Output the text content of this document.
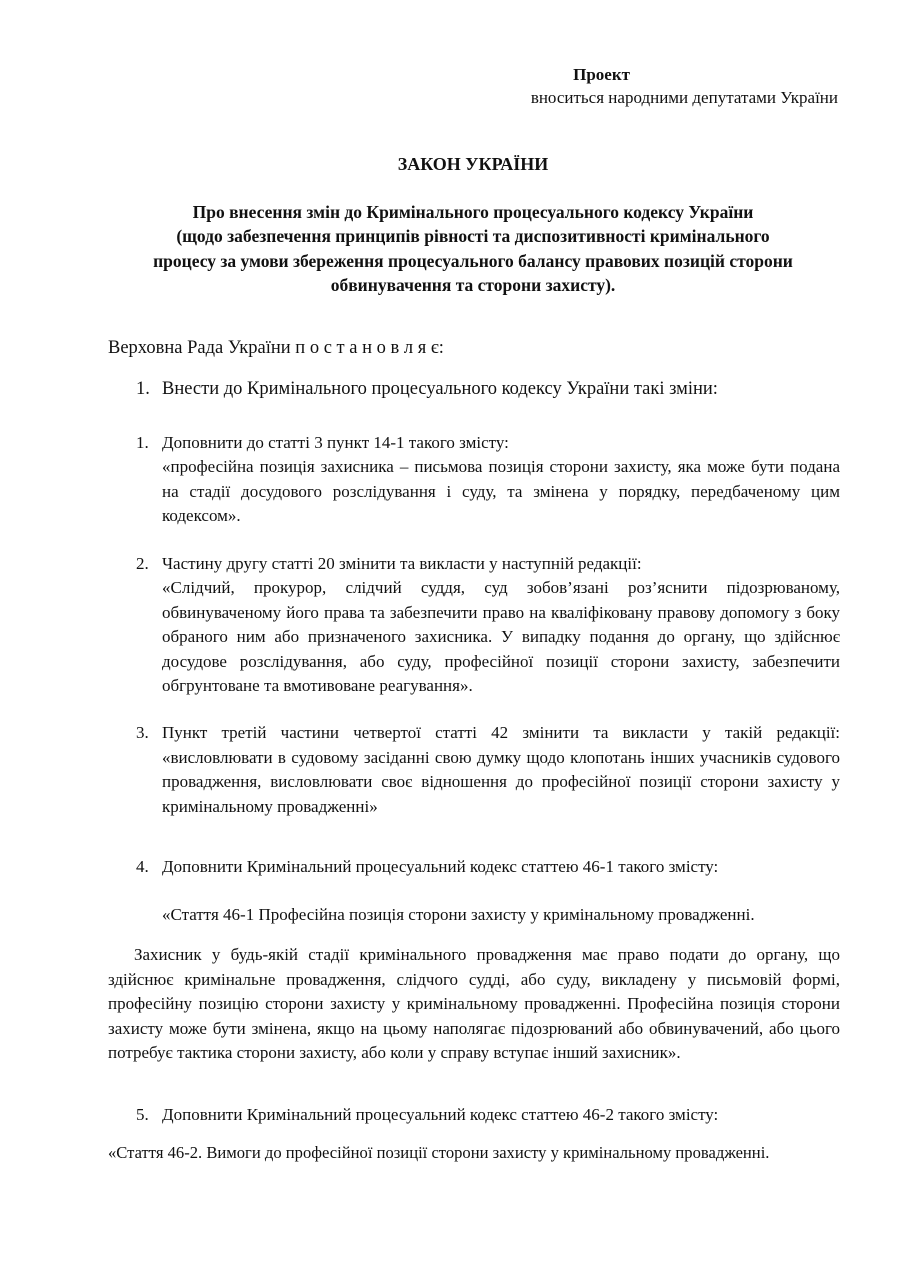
Проект
вноситься народними депутатами України
ЗАКОН УКРАЇНИ
Про внесення змін до Кримінального процесуального кодексу України
(щодо забезпечення принципів рівності та диспозитивності кримінального
процесу за умови збереження процесуального балансу правових позицій сторони
обвинувачення та сторони захисту).
Верховна Рада України п о с т а н о в л я є:
1. Внести до Кримінального процесуального кодексу України такі зміни:
1. Доповнити до статті 3 пункт 14-1 такого змісту:
«професійна позиція захисника – письмова позиція сторони захисту, яка може бути подана на стадії досудового розслідування і суду, та змінена у порядку, передбаченому цим кодексом».
2. Частину другу статті 20 змінити та викласти у наступній редакції:
«Слідчий, прокурор, слідчий суддя, суд зобов’язані роз’яснити підозрюваному, обвинуваченому його права та забезпечити право на кваліфіковану правову допомогу з боку обраного ним або призначеного захисника. У випадку подання до органу, що здійснює досудове розслідування, або суду, професійної позиції сторони захисту, забезпечити обгрунтоване та вмотивоване реагування».
3. Пункт третій частини четвертої статті 42 змінити та викласти у такій редакції: «висловлювати в судовому засіданні свою думку щодо клопотань інших учасників судового провадження, висловлювати своє відношення до професійної позиції сторони захисту у кримінальному провадженні»
4. Доповнити Кримінальний процесуальний кодекс статтею 46-1 такого змісту:
«Стаття 46-1 Професійна позиція сторони захисту у кримінальному провадженні.
Захисник у будь-якій стадії кримінального провадження має право подати до органу, що здійснює кримінальне провадження, слідчого судді, або суду, викладену у письмовій формі, професійну позицію сторони захисту у кримінальному провадженні. Професійна позиція сторони захисту може бути змінена, якщо на цьому наполягає підозрюваний або обвинувачений, або цього потребує тактика сторони захисту, або коли у справу вступає інший захисник».
5. Доповнити Кримінальний процесуальний кодекс статтею 46-2 такого змісту:
«Стаття 46-2. Вимоги до професійної позиції сторони захисту у кримінальному провадженні.
